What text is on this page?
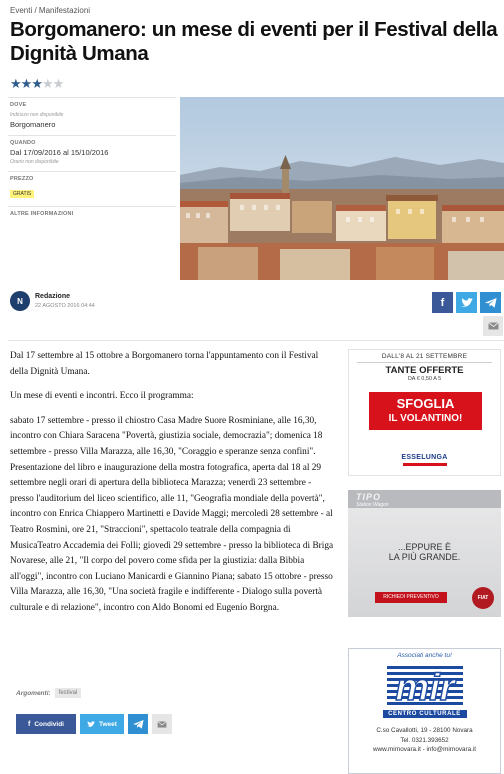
Eventi / Manifestazioni
Borgomanero: un mese di eventi per il Festival della Dignità Umana
★★★★★
DOVE
Indirizzo non disponibile
Borgomanero
QUANDO
Dal 17/09/2016 al 15/10/2016
Orario non disponibile
PREZZO
GRATIS
ALTRE INFORMAZIONI
N	Redazione
22 AGOSTO 2016 04:44	f

Dal 17 settembre al 15 ottobre a Borgomanero torna l'appuntamento con il Festival della Dignità Umana.

Un mese di eventi e incontri. Ecco il programma:

sabato 17 settembre - presso il chiostro Casa Madre Suore Rosminiane, alle 16,30, incontro con Chiara Saracena "Povertà, giustizia sociale, democrazia"; domenica 18 settembre - presso Villa Marazza, alle 16,30, "Coraggio e speranze senza confini". Presentazione del libro e inaugurazione della mostra fotografica, aperta dal 18 al 29 settembre negli orari di apertura della biblioteca Marazza; venerdì 23 settembre - presso l'auditorium del liceo scientifico, alle 11, "Geografia mondiale della povertà", incontro con Enrica Chiappero Martinetti e Davide Maggi; mercoledì 28 settembre - al Teatro Rosmini, ore 21, "Straccioni", spettacolo teatrale della compagnia di MusicaTeatro Accademia dei Folli; giovedì 29 settembre - presso la biblioteca di Briga Novarese, alle 21, "Il corpo del povero come sfida per la giustizia: dalla Bibbia all'oggi", incontro con Luciano Manicardi e Giannino Piana; sabato 15 ottobre - presso Villa Marazza, alle 16,30, "Una società fragile e indifferente - Dialogo sulla povertà culturale e di relazione", incontro con Aldo Bonomi ed Eugenio Borgna.

Argomenti:	festival
f Condividi	Tweet
DALL'8 AL 21 SETTEMBRE
TANTE OFFERTE
DA € 0,50 A 5
SFOGLIA
IL VOLANTINO!
ESSELUNGA
TIPO
Station Wagon
...EPPURE È
LA PIÙ GRANDE.
RICHIEDI PREVENTIVO	FIAT
Associati anche tu!
mir
CENTRO CULTURALE
C.so Cavallotti, 19 - 28100 Novara
Tel. 0321.393652
www.mirnovara.it - info@mirnovara.it
